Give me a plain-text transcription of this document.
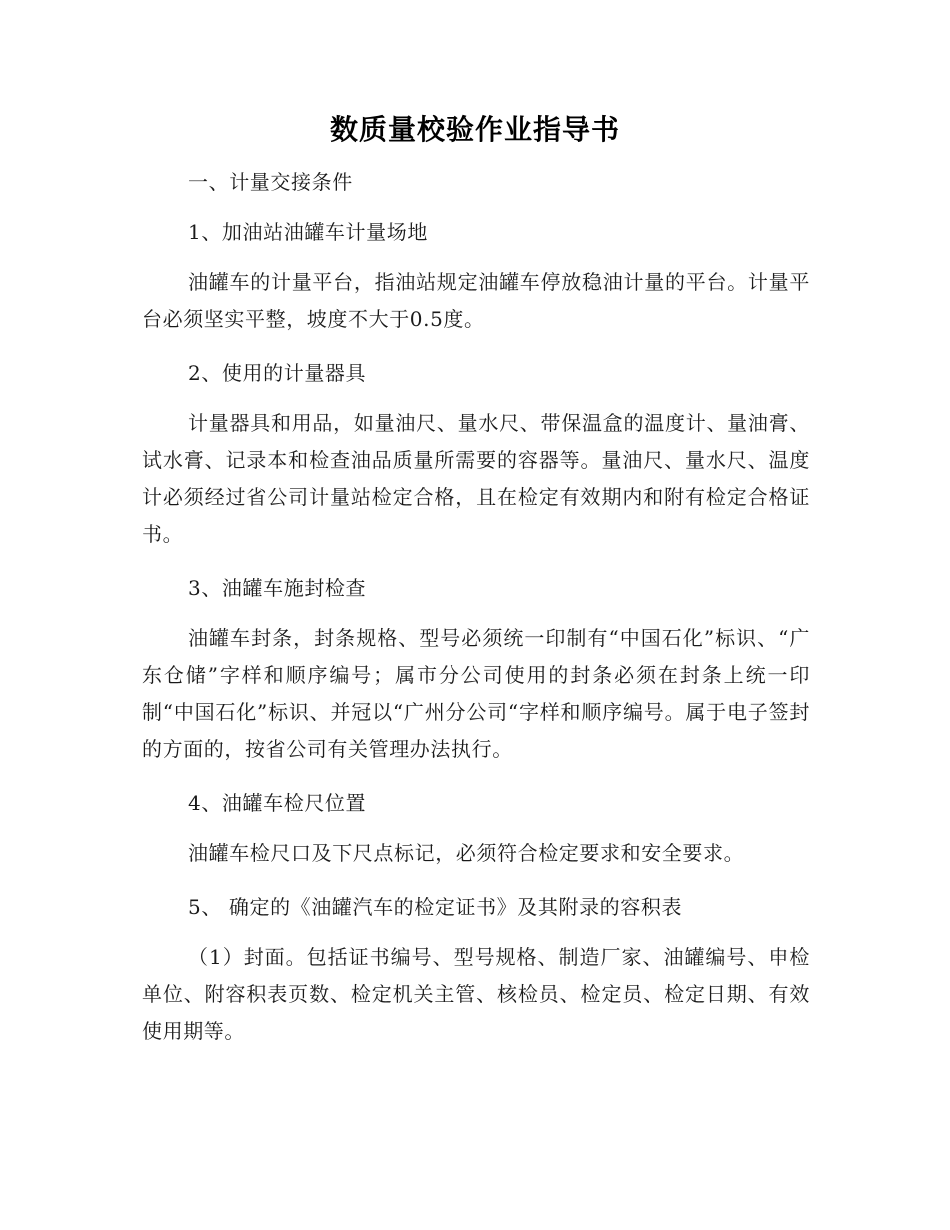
数质量校验作业指导书

一、计量交接条件

1、加油站油罐车计量场地

油罐车的计量平台，指油站规定油罐车停放稳油计量的平台。计量平台必须坚实平整，坡度不大于0.5度。

2、使用的计量器具

计量器具和用品，如量油尺、量水尺、带保温盒的温度计、量油膏、试水膏、记录本和检查油品质量所需要的容器等。量油尺、量水尺、温度计必须经过省公司计量站检定合格，且在检定有效期内和附有检定合格证书。

3、油罐车施封检查

油罐车封条，封条规格、型号必须统一印制有“中国石化”标识、“广东仓储”字样和顺序编号；属市分公司使用的封条必须在封条上统一印制“中国石化”标识、并冠以“广州分公司“字样和顺序编号。属于电子签封的方面的，按省公司有关管理办法执行。

4、油罐车检尺位置

油罐车检尺口及下尺点标记，必须符合检定要求和安全要求。

5、 确定的《油罐汽车的检定证书》及其附录的容积表

（1）封面。包括证书编号、型号规格、制造厂家、油罐编号、申检单位、附容积表页数、检定机关主管、核检员、检定员、检定日期、有效使用期等。
